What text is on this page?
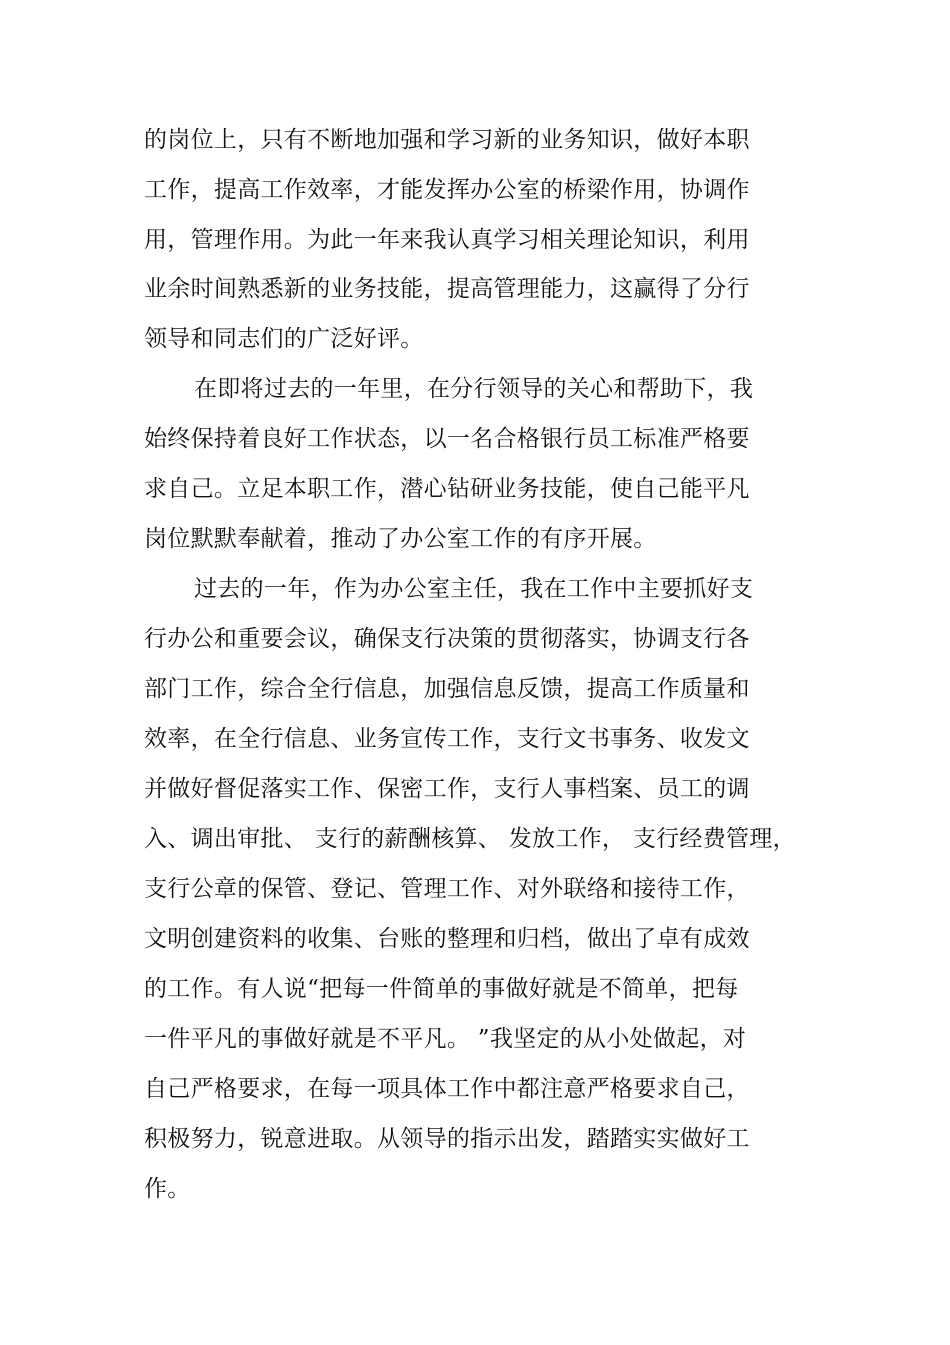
的岗位上，只有不断地加强和学习新的业务知识，做好本职
工作，提高工作效率，才能发挥办公室的桥梁作用，协调作
用，管理作用。为此一年来我认真学习相关理论知识，利用
业余时间熟悉新的业务技能，提高管理能力，这赢得了分行
领导和同志们的广泛好评。
在即将过去的一年里，在分行领导的关心和帮助下，我
始终保持着良好工作状态，以一名合格银行员工标准严格要
求自己。立足本职工作，潜心钻研业务技能，使自己能平凡
岗位默默奉献着，推动了办公室工作的有序开展。
过去的一年，作为办公室主任，我在工作中主要抓好支
行办公和重要会议，确保支行决策的贯彻落实，协调支行各
部门工作，综合全行信息，加强信息反馈，提高工作质量和
效率，在全行信息、业务宣传工作，支行文书事务、收发文
并做好督促落实工作、保密工作，支行人事档案、员工的调
入、调出审批、 支行的薪酬核算、 发放工作， 支行经费管理，
支行公章的保管、登记、管理工作、对外联络和接待工作，
文明创建资料的收集、台账的整理和归档，做出了卓有成效
的工作。有人说“把每一件简单的事做好就是不简单，把每
一件平凡的事做好就是不平凡。 ”我坚定的从小处做起，对
自己严格要求，在每一项具体工作中都注意严格要求自己，
积极努力，锐意进取。从领导的指示出发，踏踏实实做好工
作。
